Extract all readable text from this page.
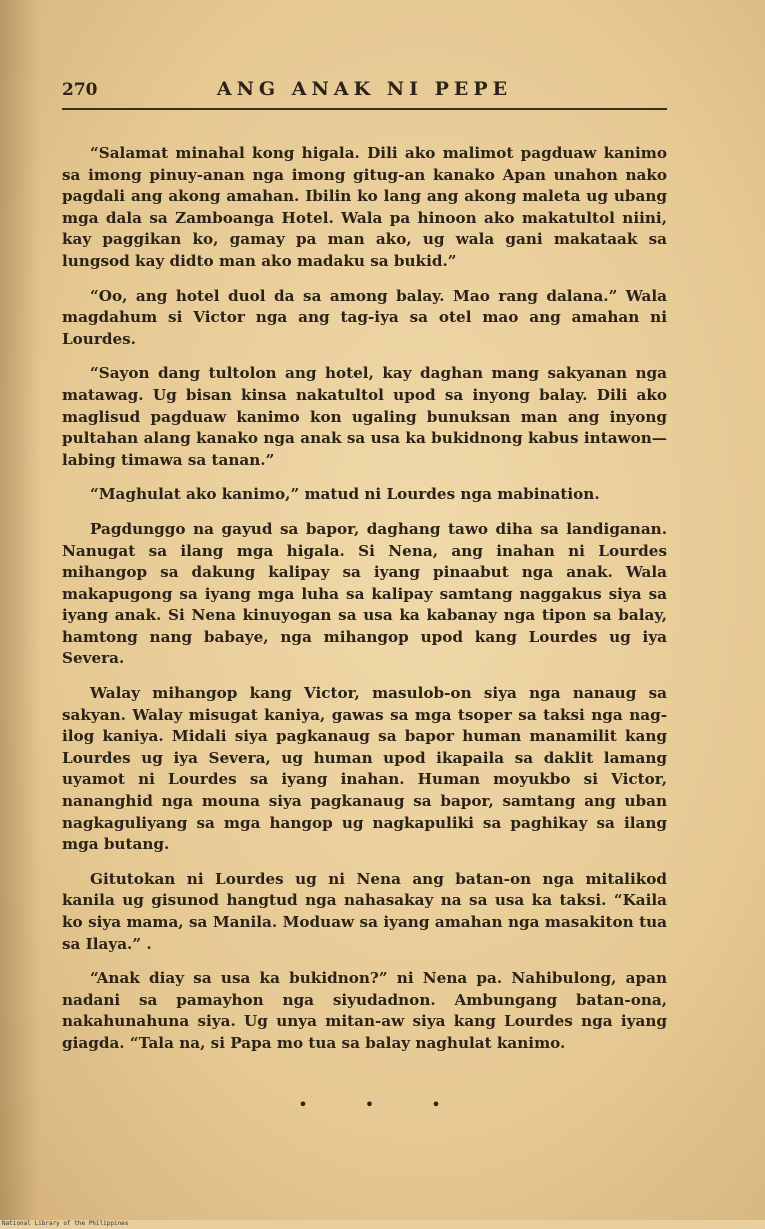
270	ANG ANAK NI PEPE

“Salamat minahal kong higala. Dili ako malimot pagduaw kanimo sa imong pinuy-anan nga imong gitug-an kanako Apan unahon nako pagdali ang akong amahan. Ibilin ko lang ang akong maleta ug ubang mga dala sa Zamboanga Hotel. Wala pa hinoon ako makatultol niini, kay paggikan ko, gamay pa man ako, ug wala gani makataak sa lungsod kay didto man ako madaku sa bukid.”

“Oo, ang hotel duol da sa among balay. Mao rang dalana.” Wala magdahum si Victor nga ang tag-iya sa otel mao ang amahan ni Lourdes.

“Sayon dang tultolon ang hotel, kay daghan mang sakyanan nga matawag. Ug bisan kinsa nakatultol upod sa inyong balay. Dili ako maglisud pagduaw kanimo kon ugaling bunuksan man ang inyong pultahan alang kanako nga anak sa usa ka bukidnong kabus intawon—labing timawa sa tanan.”

“Maghulat ako kanimo,” matud ni Lourdes nga mabination.

Pagdunggo na gayud sa bapor, daghang tawo diha sa landiganan. Nanugat sa ilang mga higala. Si Nena, ang inahan ni Lourdes mihangop sa dakung kalipay sa iyang pinaabut nga anak. Wala makapugong sa iyang mga luha sa kalipay samtang naggakus siya sa iyang anak. Si Nena kinuyogan sa usa ka kabanay nga tipon sa balay, hamtong nang babaye, nga mihangop upod kang Lourdes ug iya Severa.

Walay mihangop kang Victor, masulob-on siya nga nanaug sa sakyan. Walay misugat kaniya, gawas sa mga tsoper sa taksi nga nag-ilog kaniya. Midali siya pagkanaug sa bapor human manamilit kang Lourdes ug iya Severa, ug human upod ikapaila sa daklit lamang uyamot ni Lourdes sa iyang inahan. Human moyukbo si Victor, nananghid nga mouna siya pagkanaug sa bapor, samtang ang uban nagkaguliyang sa mga hangop ug nagkapuliki sa paghikay sa ilang mga butang.

Gitutokan ni Lourdes ug ni Nena ang batan-on nga mitalikod kanila ug gisunod hangtud nga nahasakay na sa usa ka taksi. “Kaila ko siya mama, sa Manila. Moduaw sa iyang amahan nga masakiton tua sa Ilaya.” .

“Anak diay sa usa ka bukidnon?” ni Nena pa. Nahibulong, apan nadani sa pamayhon nga siyudadnon. Ambungang batan-ona, nakahunahuna siya. Ug unya mitan-aw siya kang Lourdes nga iyang giagda. “Tala na, si Papa mo tua sa balay naghulat kanimo.

• • •
National Library of the Philippines
